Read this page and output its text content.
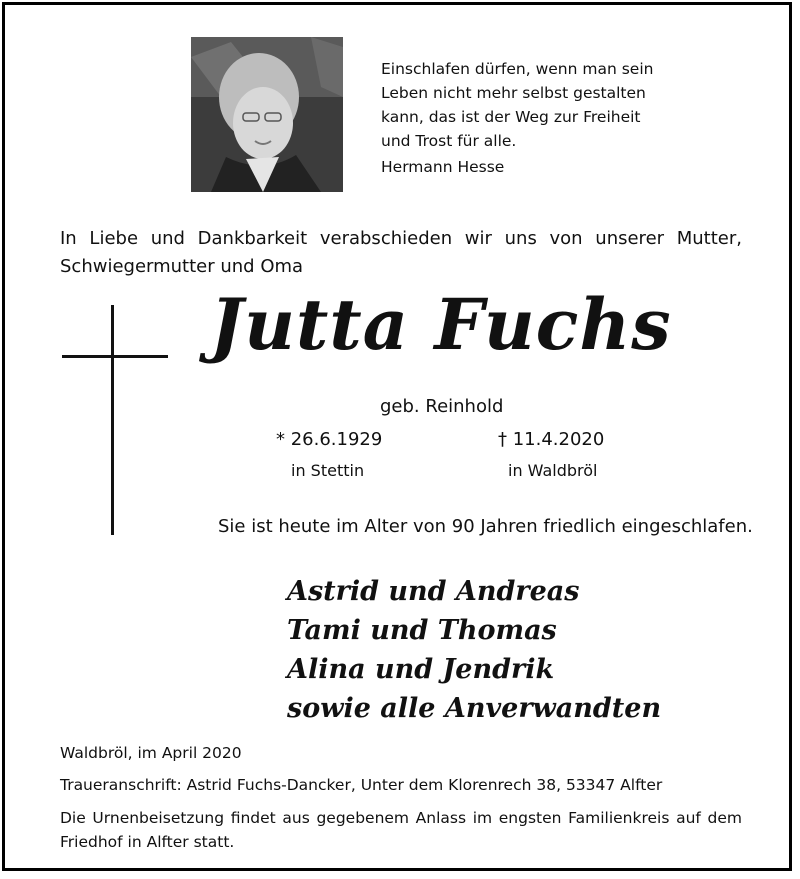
Einschlafen dürfen, wenn man sein
Leben nicht mehr selbst gestalten
kann, das ist der Weg zur Freiheit
und Trost für alle.
Hermann Hesse
In Liebe und Dankbarkeit verabschieden wir uns von unserer Mutter, Schwiegermutter und Oma
Jutta Fuchs
geb. Reinhold
* 26.6.1929
in Stettin
† 11.4.2020
in Waldbröl
Sie ist heute im Alter von 90 Jahren friedlich eingeschlafen.
Astrid und Andreas
Tami und Thomas
Alina und Jendrik
sowie alle Anverwandten
Waldbröl, im April 2020
Traueranschrift: Astrid Fuchs-Dancker, Unter dem Klorenrech 38, 53347 Alfter
Die Urnenbeisetzung findet aus gegebenem Anlass im engsten Familienkreis auf dem Friedhof in Alfter statt.
